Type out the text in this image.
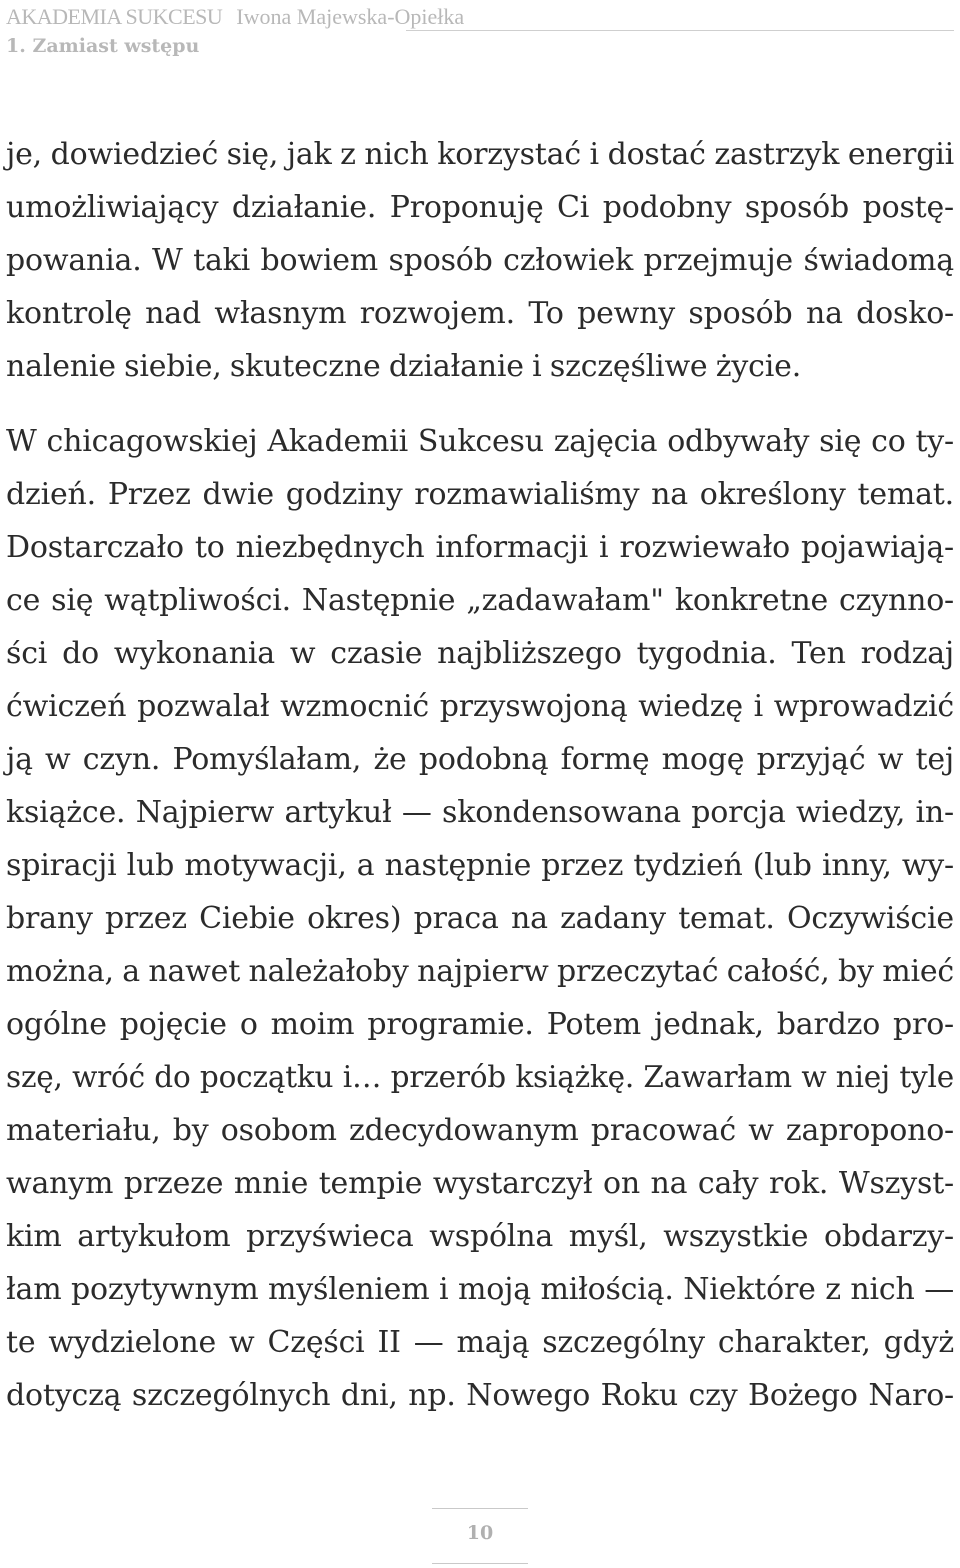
AKADEMIA SUKCESU Iwona Majewska-Opiełka
1. Zamiast wstępu
je, dowiedzieć się, jak z nich korzystać i dostać zastrzyk energii
umożliwiający działanie. Proponuję Ci podobny sposób postę-
powania. W taki bowiem sposób człowiek przejmuje świadomą
kontrolę nad własnym rozwojem. To pewny sposób na dosko-
nalenie siebie, skuteczne działanie i szczęśliwe życie.
W chicagowskiej Akademii Sukcesu zajęcia odbywały się co ty-
dzień. Przez dwie godziny rozmawialiśmy na określony temat.
Dostarczało to niezbędnych informacji i rozwiewało pojawiają-
ce się wątpliwości. Następnie „zadawałam" konkretne czynno-
ści do wykonania w czasie najbliższego tygodnia. Ten rodzaj
ćwiczeń pozwalał wzmocnić przyswojoną wiedzę i wprowadzić
ją w czyn. Pomyślałam, że podobną formę mogę przyjąć w tej
książce. Najpierw artykuł — skondensowana porcja wiedzy, in-
spiracji lub motywacji, a następnie przez tydzień (lub inny, wy-
brany przez Ciebie okres) praca na zadany temat. Oczywiście
można, a nawet należałoby najpierw przeczytać całość, by mieć
ogólne pojęcie o moim programie. Potem jednak, bardzo pro-
szę, wróć do początku i… przerób książkę. Zawarłam w niej tyle
materiału, by osobom zdecydowanym pracować w zapropono-
wanym przeze mnie tempie wystarczył on na cały rok. Wszyst-
kim artykułom przyświeca wspólna myśl, wszystkie obdarzy-
łam pozytywnym myśleniem i moją miłością. Niektóre z nich —
te wydzielone w Części II — mają szczególny charakter, gdyż
dotyczą szczególnych dni, np. Nowego Roku czy Bożego Naro-
10
